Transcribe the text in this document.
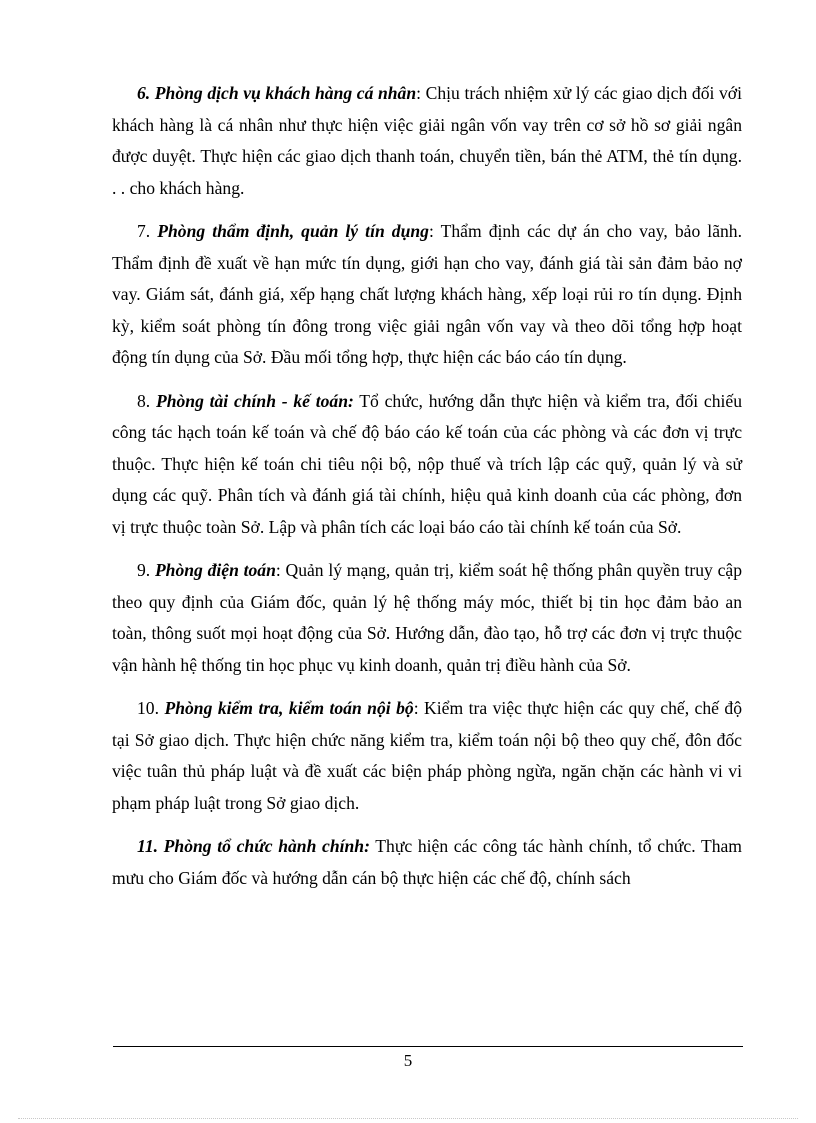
6. Phòng dịch vụ khách hàng cá nhân: Chịu trách nhiệm xử lý các giao dịch đối với khách hàng là cá nhân như thực hiện việc giải ngân vốn vay trên cơ sở hồ sơ giải ngân được duyệt. Thực hiện các giao dịch thanh toán, chuyển tiền, bán thẻ ATM, thẻ tín dụng. . . cho khách hàng.

7. Phòng thẩm định, quản lý tín dụng: Thẩm định các dự án cho vay, bảo lãnh. Thẩm định đề xuất về hạn mức tín dụng, giới hạn cho vay, đánh giá tài sản đảm bảo nợ vay. Giám sát, đánh giá, xếp hạng chất lượng khách hàng, xếp loại rủi ro tín dụng. Định kỳ, kiểm soát phòng tín đông trong việc giải ngân vốn vay và theo dõi tổng hợp hoạt động tín dụng của Sở. Đầu mối tổng hợp, thực hiện các báo cáo tín dụng.

8. Phòng tài chính - kế toán: Tổ chức, hướng dẫn thực hiện và kiểm tra, đối chiếu công tác hạch toán kế toán và chế độ báo cáo kế toán của các phòng và các đơn vị trực thuộc. Thực hiện kế toán chi tiêu nội bộ, nộp thuế và trích lập các quỹ, quản lý và sử dụng các quỹ. Phân tích và đánh giá tài chính, hiệu quả kinh doanh của các phòng, đơn vị trực thuộc toàn Sở. Lập và phân tích các loại báo cáo tài chính kế toán của Sở.

9. Phòng điện toán: Quản lý mạng, quản trị, kiểm soát hệ thống phân quyền truy cập theo quy định của Giám đốc, quản lý hệ thống máy móc, thiết bị tin học đảm bảo an toàn, thông suốt mọi hoạt động của Sở. Hướng dẫn, đào tạo, hỗ trợ các đơn vị trực thuộc vận hành hệ thống tin học phục vụ kinh doanh, quản trị điều hành của Sở.

10. Phòng kiểm tra, kiểm toán nội bộ: Kiểm tra việc thực hiện các quy chế, chế độ tại Sở giao dịch. Thực hiện chức năng kiểm tra, kiểm toán nội bộ theo quy chế, đôn đốc việc tuân thủ pháp luật và đề xuất các biện pháp phòng ngừa, ngăn chặn các hành vi vi phạm pháp luật trong Sở giao dịch.

11. Phòng tổ chức hành chính: Thực hiện các công tác hành chính, tổ chức. Tham mưu cho Giám đốc và hướng dẫn cán bộ thực hiện các chế độ, chính sách

5
